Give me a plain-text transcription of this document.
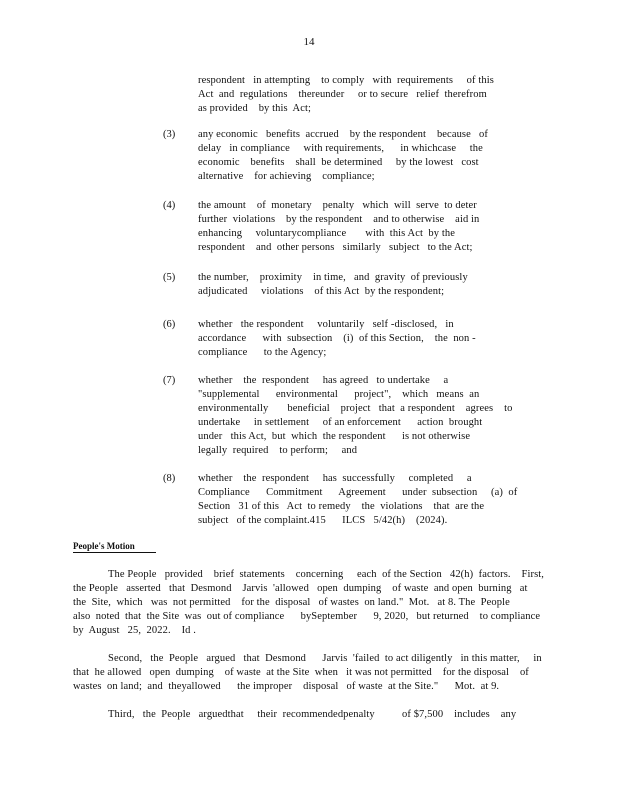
14
respondent   in attempting    to comply   with  requirements     of this
Act  and  regulations    thereunder     or to secure   relief  therefrom
as provided    by this  Act;
(3) any economic   benefits  accrued    by the respondent    because   of
delay   in compliance     with requirements,      in whichcase     the
economic    benefits    shall  be determined     by the lowest   cost
alternative    for achieving    compliance;
(4) the amount    of  monetary    penalty   which  will  serve  to deter
further  violations    by the respondent    and to otherwise    aid in
enhancing     voluntarycompliance       with  this Act  by the
respondent    and  other persons   similarly   subject   to the Act;
(5) the number,    proximity    in time,   and  gravity  of previously
adjudicated     violations    of this Act  by the respondent;
(6) whether   the respondent     voluntarily   self -disclosed,   in
accordance      with  subsection    (i)  of this Section,    the  non -
compliance      to the Agency;
(7) whether    the  respondent     has agreed   to undertake     a
"supplemental      environmental      project",    which   means  an
environmentally       beneficial    project   that  a respondent    agrees    to
undertake     in settlement     of an enforcement      action  brought
under   this Act,  but  which  the respondent      is not otherwise
legally  required    to perform;     and
(8) whether    the  respondent     has  successfully     completed     a
Compliance      Commitment      Agreement      under  subsection     (a)  of
Section   31 of this   Act  to remedy    the  violations    that  are the
subject   of the complaint.415      ILCS   5/42(h)    (2024).
People's Motion
The People   provided    brief  statements    concerning     each  of the Section   42(h)  factors.    First,
the People   asserted   that  Desmond    Jarvis  'allowed   open  dumping    of waste  and open  burning   at
the  Site,  which   was  not permitted    for the  disposal   of wastes  on land."  Mot.   at 8. The  People
also  noted  that  the Site  was  out of compliance      bySeptember      9, 2020,   but returned    to compliance
by  August   25,  2022.    Id .
Second,   the  People   argued   that  Desmond      Jarvis  'failed  to act diligently   in this matter,     in
that  he allowed   open  dumping    of waste  at the Site  when   it was not permitted    for the disposal    of
wastes  on land;  and  theyallowed      the improper    disposal   of waste  at the Site."      Mot.  at 9.
Third,   the  People   arguedthat     their  recommendedpenalty          of $7,500    includes    any
